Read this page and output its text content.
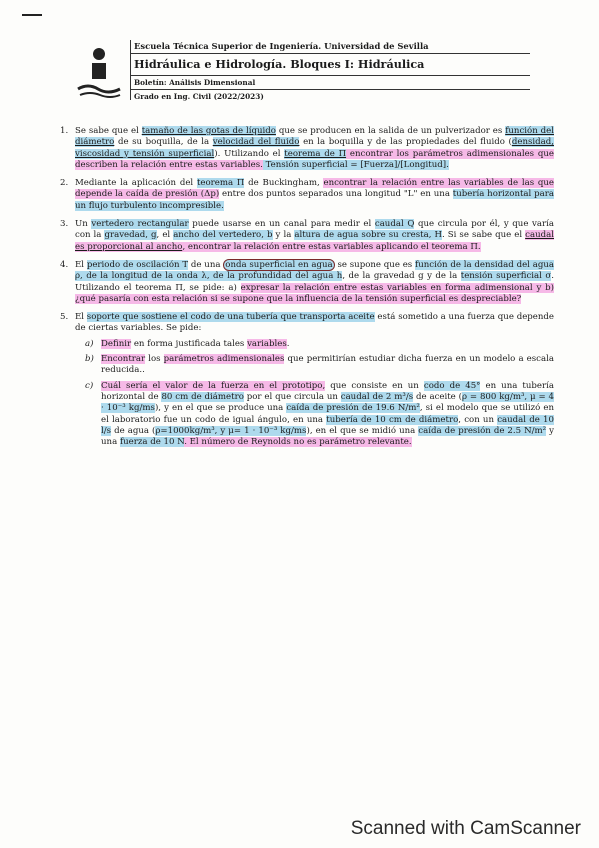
Escuela Técnica Superior de Ingeniería. Universidad de Sevilla
Hidráulica e Hidrología. Bloques I: Hidráulica
Boletín: Análisis Dimensional
Grado en Ing. Civil (2022/2023)
1. Se sabe que el tamaño de las gotas de líquido que se producen en la salida de un pulverizador es función del diámetro de su boquilla, de la velocidad del fluido en la boquilla y de las propiedades del fluido (densidad, viscosidad y tensión superficial). Utilizando el teorema de Π encontrar los parámetros adimensionales que describen la relación entre estas variables. Tensión superficial = [Fuerza]/[Longitud].
2. Mediante la aplicación del teorema Π de Buckingham, encontrar la relación entre las variables de las que depende la caída de presión (Δp) entre dos puntos separados una longitud "L" en una tubería horizontal para un flujo turbulento incompresible.
3. Un vertedero rectangular puede usarse en un canal para medir el caudal Q que circula por él, y que varía con la gravedad, g, el ancho del vertedero, b y la altura de agua sobre su cresta, H. Si se sabe que el caudal es proporcional al ancho, encontrar la relación entre estas variables aplicando el teorema Π.
4. El periodo de oscilación T de una onda superficial en agua se supone que es función de la densidad del agua ρ, de la longitud de la onda λ, de la profundidad del agua h, de la gravedad g y de la tensión superficial σ. Utilizando el teorema Π, se pide: a) expresar la relación entre estas variables en forma adimensional y b) ¿qué pasaría con esta relación si se supone que la influencia de la tensión superficial es despreciable?
5. El soporte que sostiene el codo de una tubería que transporta aceite está sometido a una fuerza que depende de ciertas variables. Se pide:
a) Definir en forma justificada tales variables.
b) Encontrar los parámetros adimensionales que permitirían estudiar dicha fuerza en un modelo a escala reducida..
c) Cuál sería el valor de la fuerza en el prototipo, que consiste en un codo de 45° en una tubería horizontal de 80 cm de diámetro por el que circula un caudal de 2 m³/s de aceite (ρ = 800 kg/m³, μ = 4 · 10⁻³ kg/ms), y en el que se produce una caída de presión de 19.6 N/m², si el modelo que se utilizó en el laboratorio fue un codo de igual ángulo, en una tubería de 10 cm de diámetro, con un caudal de 10 l/s de agua (ρ=1000kg/m³, y μ= 1 · 10⁻³ kg/ms), en el que se midió una caída de presión de 2.5 N/m² y una fuerza de 10 N. El número de Reynolds no es parámetro relevante.
Scanned with CamScanner
